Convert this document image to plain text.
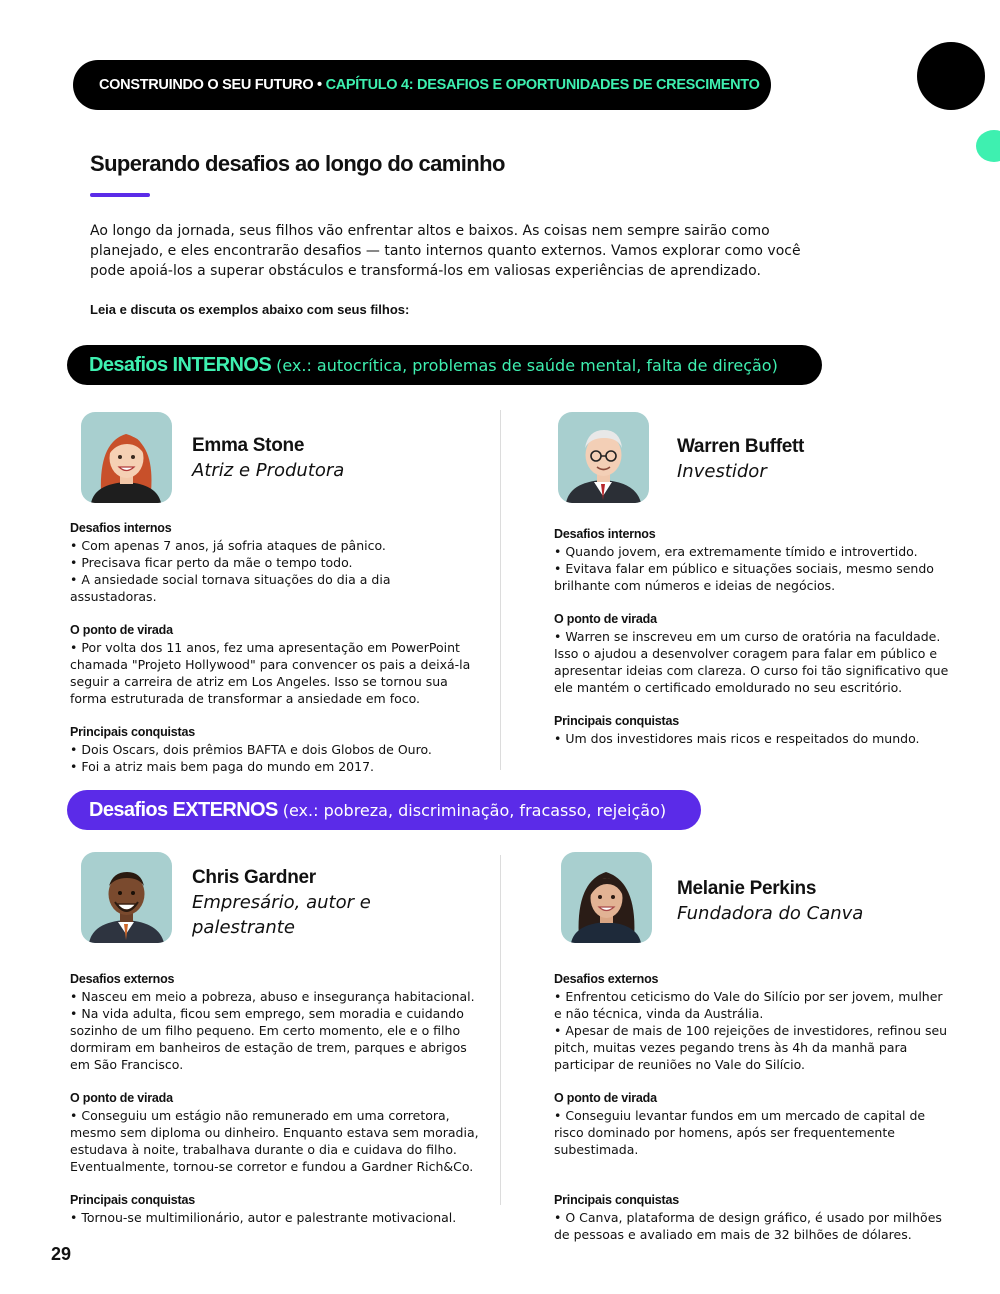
CONSTRUINDO O SEU FUTURO •
CAPÍTULO 4: DESAFIOS E OPORTUNIDADES DE CRESCIMENTO
Superando desafios ao longo do caminho

Ao longo da jornada, seus filhos vão enfrentar altos e baixos. As coisas nem sempre sairão como planejado, e eles encontrarão desafios — tanto internos quanto externos. Vamos explorar como você pode apoiá-los a superar obstáculos e transformá-los em valiosas experiências de aprendizado.

Leia e discuta os exemplos abaixo com seus filhos:

Desafios INTERNOS (ex.: autocrítica, problemas de saúde mental, falta de direção)
Emma Stone
Atriz e Produtora
Desafios internos

• Com apenas 7 anos, já sofria ataques de pânico.

• Precisava ficar perto da mãe o tempo todo.

• A ansiedade social tornava situações do dia a dia assustadoras.

O ponto de virada

• Por volta dos 11 anos, fez uma apresentação em PowerPoint chamada "Projeto Hollywood" para convencer os pais a deixá-la seguir a carreira de atriz em Los Angeles. Isso se tornou sua forma estruturada de transformar a ansiedade em foco.

Principais conquistas

• Dois Oscars, dois prêmios BAFTA e dois Globos de Ouro.

• Foi a atriz mais bem paga do mundo em 2017.

Warren Buffett
Investidor
Desafios internos

• Quando jovem, era extremamente tímido e introvertido.

• Evitava falar em público e situações sociais, mesmo sendo brilhante com números e ideias de negócios.

O ponto de virada

• Warren se inscreveu em um curso de oratória na faculdade. Isso o ajudou a desenvolver coragem para falar em público e apresentar ideias com clareza. O curso foi tão significativo que ele mantém o certificado emoldurado no seu escritório.

Principais conquistas

• Um dos investidores mais ricos e respeitados do mundo.

Desafios EXTERNOS (ex.: pobreza, discriminação, fracasso, rejeição)
Chris Gardner
Empresário, autor e palestrante
Desafios externos

• Nasceu em meio a pobreza, abuso e insegurança habitacional.

• Na vida adulta, ficou sem emprego, sem moradia e cuidando sozinho de um filho pequeno. Em certo momento, ele e o filho dormiram em banheiros de estação de trem, parques e abrigos em São Francisco.

O ponto de virada

• Conseguiu um estágio não remunerado em uma corretora, mesmo sem diploma ou dinheiro. Enquanto estava sem moradia, estudava à noite, trabalhava durante o dia e cuidava do filho. Eventualmente, tornou-se corretor e fundou a Gardner Rich&Co.

Principais conquistas

• Tornou-se multimilionário, autor e palestrante motivacional.

Melanie Perkins
Fundadora do Canva
Desafios externos

• Enfrentou ceticismo do Vale do Silício por ser jovem, mulher e não técnica, vinda da Austrália.

• Apesar de mais de 100 rejeições de investidores, refinou seu pitch, muitas vezes pegando trens às 4h da manhã para participar de reuniões no Vale do Silício.

O ponto de virada

• Conseguiu levantar fundos em um mercado de capital de risco dominado por homens, após ser frequentemente subestimada.

Principais conquistas

• O Canva, plataforma de design gráfico, é usado por milhões de pessoas e avaliado em mais de 32 bilhões de dólares.

29
